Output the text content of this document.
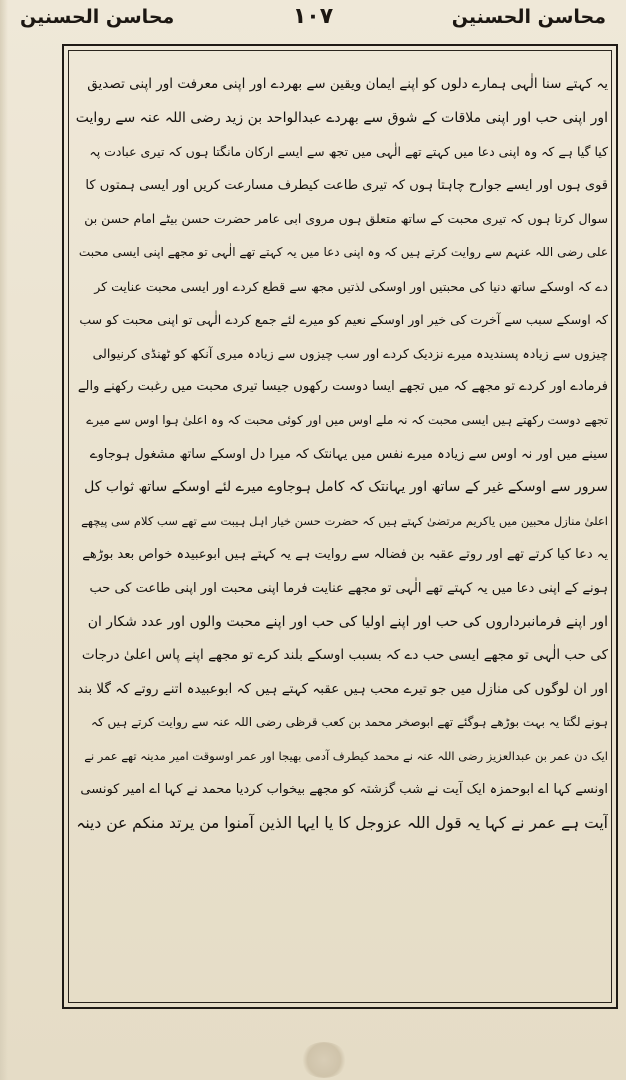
محاسن الحسنین
۱۰۷
محاسن الحسنین
یہ کہتے سنا الٰہی ہمارے دلوں کو اپنے ایمان ویقین سے بھردے اور اپنی معرفت اور اپنی تصدیق
اور اپنی حب اور اپنی ملاقات کے شوق سے بھردے عبدالواحد بن زید رضی اللہ عنہ سے روایت
کیا گیا ہے کہ وہ اپنی دعا میں کہتے تھے الٰہی میں تجھ سے ایسے ارکان مانگتا ہوں کہ تیری عبادت پہ
قوی ہوں اور ایسے جوارح چاہتا ہوں کہ تیری طاعت کیطرف مسارعت کریں اور ایسی ہمتوں کا
سوال کرتا ہوں کہ تیری محبت کے ساتھ متعلق ہوں مروی ابی عامر حضرت حسن بیٹے امام حسن بن
علی رضی اللہ عنہم سے روایت کرتے ہیں کہ وہ اپنی دعا میں یہ کہتے تھے الٰہی تو مجھے اپنی ایسی محبت
دے کہ اوسکے ساتھ دنیا کی محبتیں اور اوسکی لذتیں مجھ سے قطع کردے اور ایسی محبت عنایت کر
کہ اوسکے سبب سے آخرت کی خیر اور اوسکے نعیم کو میرے لئے جمع کردے الٰہی تو اپنی محبت کو سب
چیزوں سے زیادہ پسندیدہ میرے نزدیک کردے اور سب چیزوں سے زیادہ میری آنکھ کو ٹھنڈی کرنیوالی
فرمادے اور کردے تو مجھے کہ میں تجھے ایسا دوست رکھوں جیسا تیری محبت میں رغبت رکھنے والے
تجھے دوست رکھتے ہیں ایسی محبت کہ نہ ملے اوس میں اور کوئی محبت کہ وہ اعلیٰ ہوا اوس سے میرے
سینے میں اور نہ اوس سے زیادہ میرے نفس میں یہانتک کہ میرا دل اوسکے ساتھ مشغول ہوجاوے
سرور سے اوسکے غیر کے ساتھ اور یہانتک کہ کامل ہوجاوے میرے لئے اوسکے ساتھ ثواب کل
اعلیٰ منازل محبین میں یاکریم مرتضیٰ کہتے ہیں کہ حضرت حسن خیار اہل ہیبت سے تھے سب کلام سی پیچھے
یہ دعا کیا کرتے تھے اور روتے عقبہ بن فضالہ سے روایت ہے یہ کہتے ہیں ابوعبیدہ خواص بعد بوڑھے
ہونے کے اپنی دعا میں یہ کہتے تھے الٰہی تو مجھے عنایت فرما اپنی محبت اور اپنی طاعت کی حب
اور اپنے فرمانبرداروں کی حب اور اپنے اولیا کی حب اور اپنے محبت والوں اور عدد شکار ان
کی حب الٰہی تو مجھے ایسی حب دے کہ بسبب اوسکے بلند کرے تو مجھے اپنے پاس اعلیٰ درجات
اور ان لوگوں کی منازل میں جو تیرے محب ہیں عقبہ کہتے ہیں کہ ابوعبیدہ اتنے روتے کہ گلا بند
ہونے لگتا یہ بہت بوڑھے ہوگئے تھے ابوصخر محمد بن کعب قرظی رضی اللہ عنہ سے روایت کرتے ہیں کہ
ایک دن عمر بن عبدالعزیز رضی اللہ عنہ نے محمد کیطرف آدمی بھیجا اور عمر اوسوقت امیر مدینہ تھے عمر نے
اونسے کہا اے ابوحمزہ ایک آیت نے شب گزشتہ کو مجھے بیخواب کردیا محمد نے کہا اے امیر کونسی
آیت ہے عمر نے کہا یہ قول اللہ عزوجل کا یا ایہا الذین آمنوا من یرتد منکم عن دینہ
